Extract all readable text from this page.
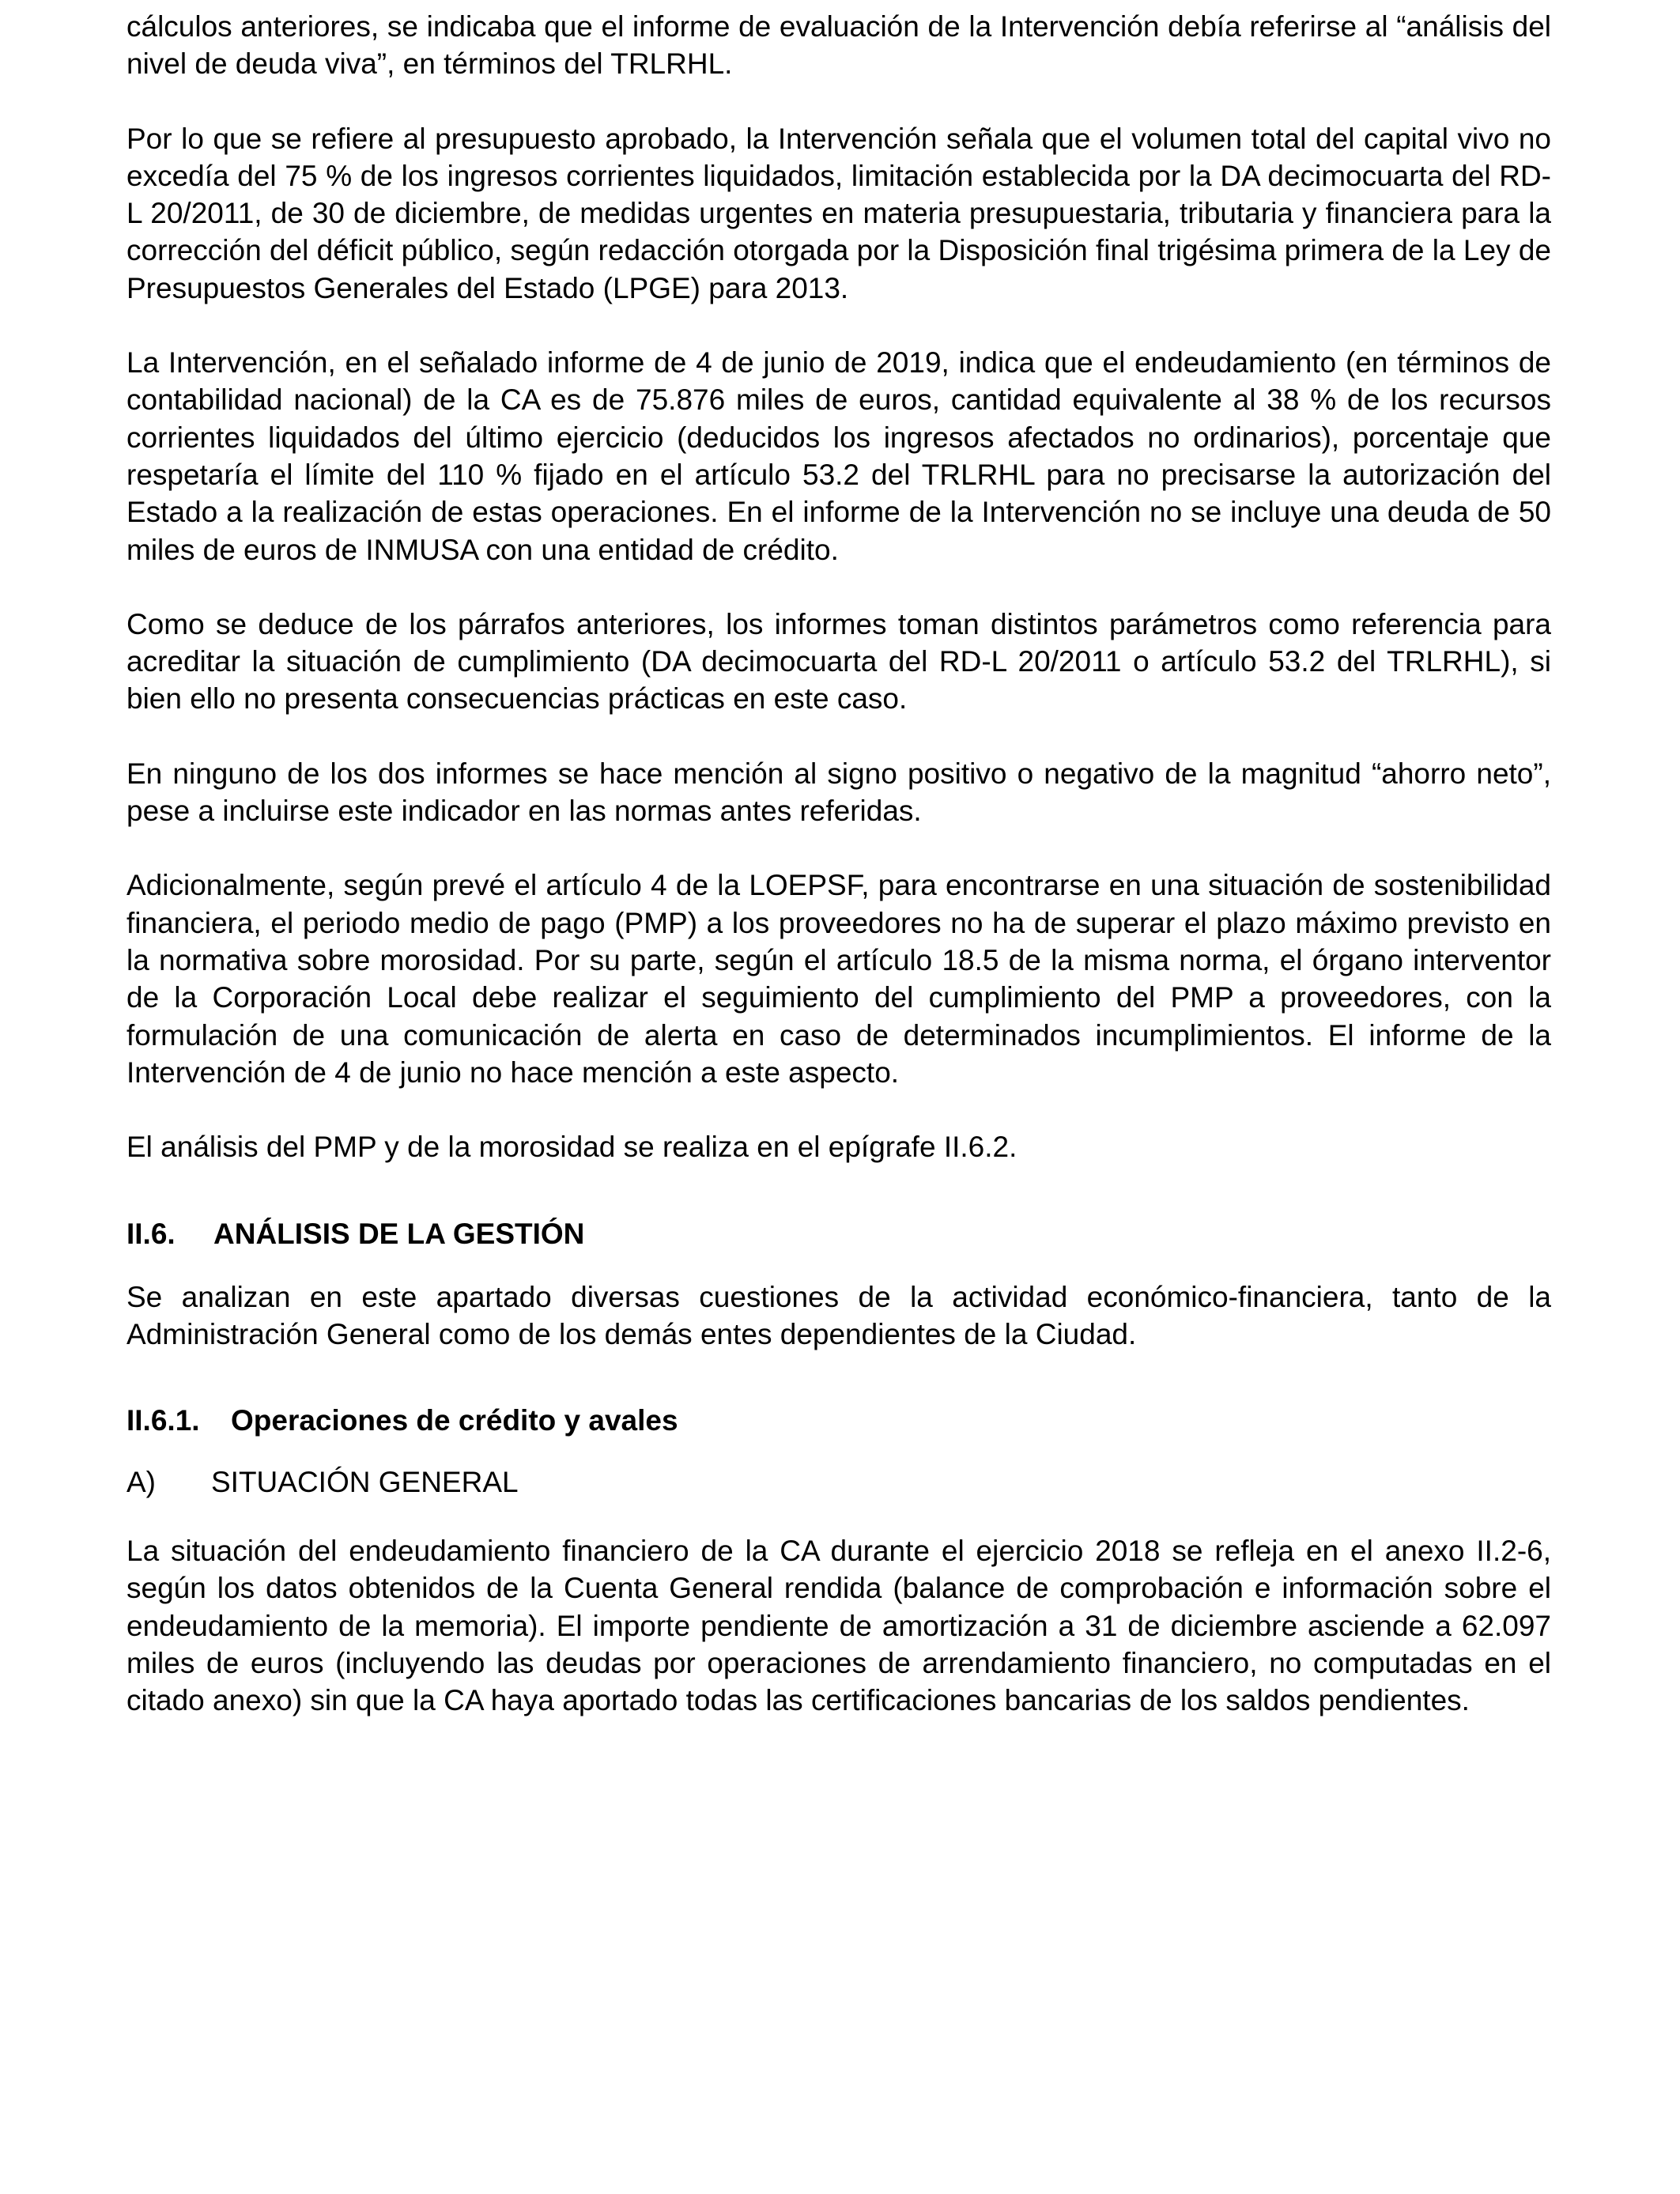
cálculos anteriores, se indicaba que el informe de evaluación de la Intervención debía referirse al “análisis del nivel de deuda viva”, en términos del TRLRHL.

Por lo que se refiere al presupuesto aprobado, la Intervención señala que el volumen total del capital vivo no excedía del 75 % de los ingresos corrientes liquidados, limitación establecida por la DA decimocuarta del RD-L 20/2011, de 30 de diciembre, de medidas urgentes en materia presupuestaria, tributaria y financiera para la corrección del déficit público, según redacción otorgada por la Disposición final trigésima primera de la Ley de Presupuestos Generales del Estado (LPGE) para 2013.

La Intervención, en el señalado informe de 4 de junio de 2019, indica que el endeudamiento (en términos de contabilidad nacional) de la CA es de 75.876 miles de euros, cantidad equivalente al 38 % de los recursos corrientes liquidados del último ejercicio (deducidos los ingresos afectados no ordinarios), porcentaje que respetaría el límite del 110 % fijado en el artículo 53.2 del TRLRHL para no precisarse la autorización del Estado a la realización de estas operaciones. En el informe de la Intervención no se incluye una deuda de 50 miles de euros de INMUSA con una entidad de crédito.

Como se deduce de los párrafos anteriores, los informes toman distintos parámetros como referencia para acreditar la situación de cumplimiento (DA decimocuarta del RD-L 20/2011 o artículo 53.2 del TRLRHL), si bien ello no presenta consecuencias prácticas en este caso.

En ninguno de los dos informes se hace mención al signo positivo o negativo de la magnitud “ahorro neto”, pese a incluirse este indicador en las normas antes referidas.

Adicionalmente, según prevé el artículo 4 de la LOEPSF, para encontrarse en una situación de sostenibilidad financiera, el periodo medio de pago (PMP) a los proveedores no ha de superar el plazo máximo previsto en la normativa sobre morosidad. Por su parte, según el artículo 18.5 de la misma norma, el órgano interventor de la Corporación Local debe realizar el seguimiento del cumplimiento del PMP a proveedores, con la formulación de una comunicación de alerta en caso de determinados incumplimientos. El informe de la Intervención de 4 de junio no hace mención a este aspecto.

El análisis del PMP y de la morosidad se realiza en el epígrafe II.6.2.

II.6.	ANÁLISIS DE LA GESTIÓN

Se analizan en este apartado diversas cuestiones de la actividad económico-financiera, tanto de la Administración General como de los demás entes dependientes de la Ciudad.

II.6.1.	Operaciones de crédito y avales
A)	SITUACIÓN GENERAL

La situación del endeudamiento financiero de la CA durante el ejercicio 2018 se refleja en el anexo II.2-6, según los datos obtenidos de la Cuenta General rendida (balance de comprobación e información sobre el endeudamiento de la memoria). El importe pendiente de amortización a 31 de diciembre asciende a 62.097 miles de euros (incluyendo las deudas por operaciones de arrendamiento financiero, no computadas en el citado anexo) sin que la CA haya aportado todas las certificaciones bancarias de los saldos pendientes.
